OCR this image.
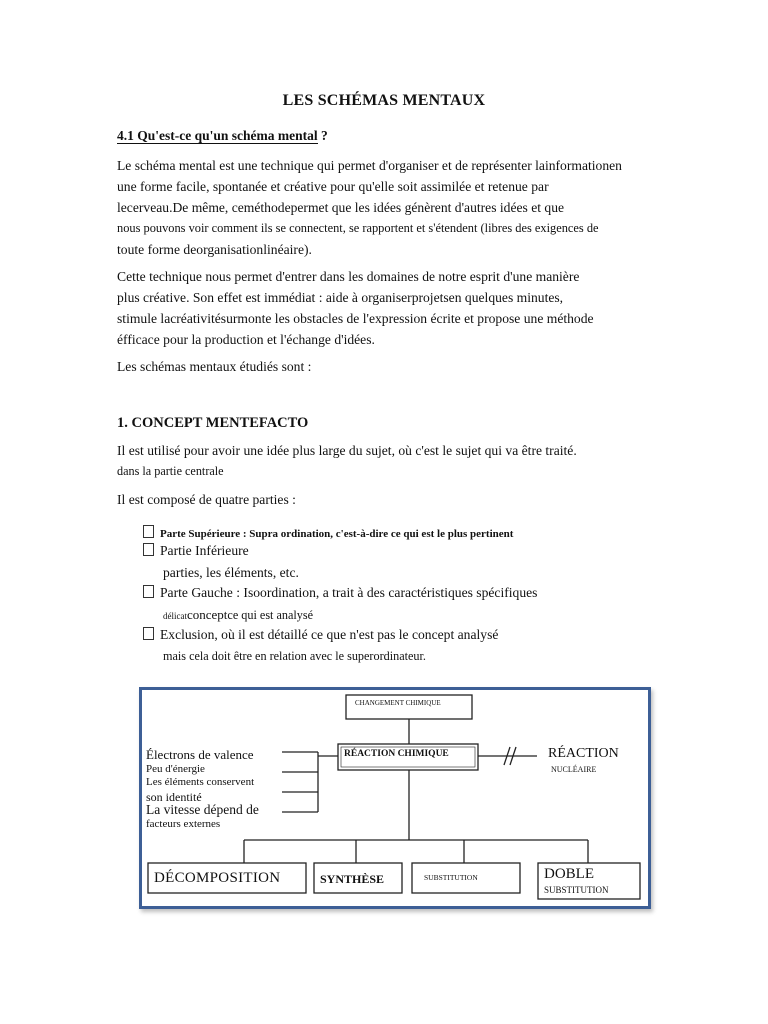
LES SCHÉMAS MENTAUX
4.1 Qu'est-ce qu'un schéma mental ?
Le schéma mental est une technique qui permet d'organiser et de représenter lainformationen
une forme facile, spontanée et créative pour qu'elle soit assimilée et retenue par
lecerveau.De même, ceméthodepermet que les idées génèrent d'autres idées et que
nous pouvons voir comment ils se connectent, se rapportent et s'étendent (libres des exigences de
toute forme deorganisationlinéaire).
Cette technique nous permet d'entrer dans les domaines de notre esprit d'une manière
plus créative. Son effet est immédiat : aide à organiserprojetsen quelques minutes,
stimule lacréativitésurmonte les obstacles de l'expression écrite et propose une méthode
éfficace pour la production et l'échange d'idées.
Les schémas mentaux étudiés sont :
1. CONCEPT MENTEFACTO
Il est utilisé pour avoir une idée plus large du sujet, où c'est le sujet qui va être traité.
dans la partie centrale
Il est composé de quatre parties :
Parte Supérieure : Supra ordination, c'est-à-dire ce qui est le plus pertinent
Partie Inférieure
parties, les éléments, etc.
Parte Gauche : Isoordination, a trait à des caractéristiques spécifiques
délicatconceptce qui est analysé
Exclusion, où il est détaillé ce que n'est pas le concept analysé
mais cela doit être en relation avec le superordinateur.
CHANGEMENT CHIMIQUE
RÉACTION CHIMIQUE	RÉACTION
NUCLÉAIRE
Électrons de valence
Peu d'énergie
Les éléments conservent
son identité
La vitesse dépend de
facteurs externes
DÉCOMPOSITION	SYNTHÈSE	SUBSTITUTION	DOBLE
SUBSTITUTION
